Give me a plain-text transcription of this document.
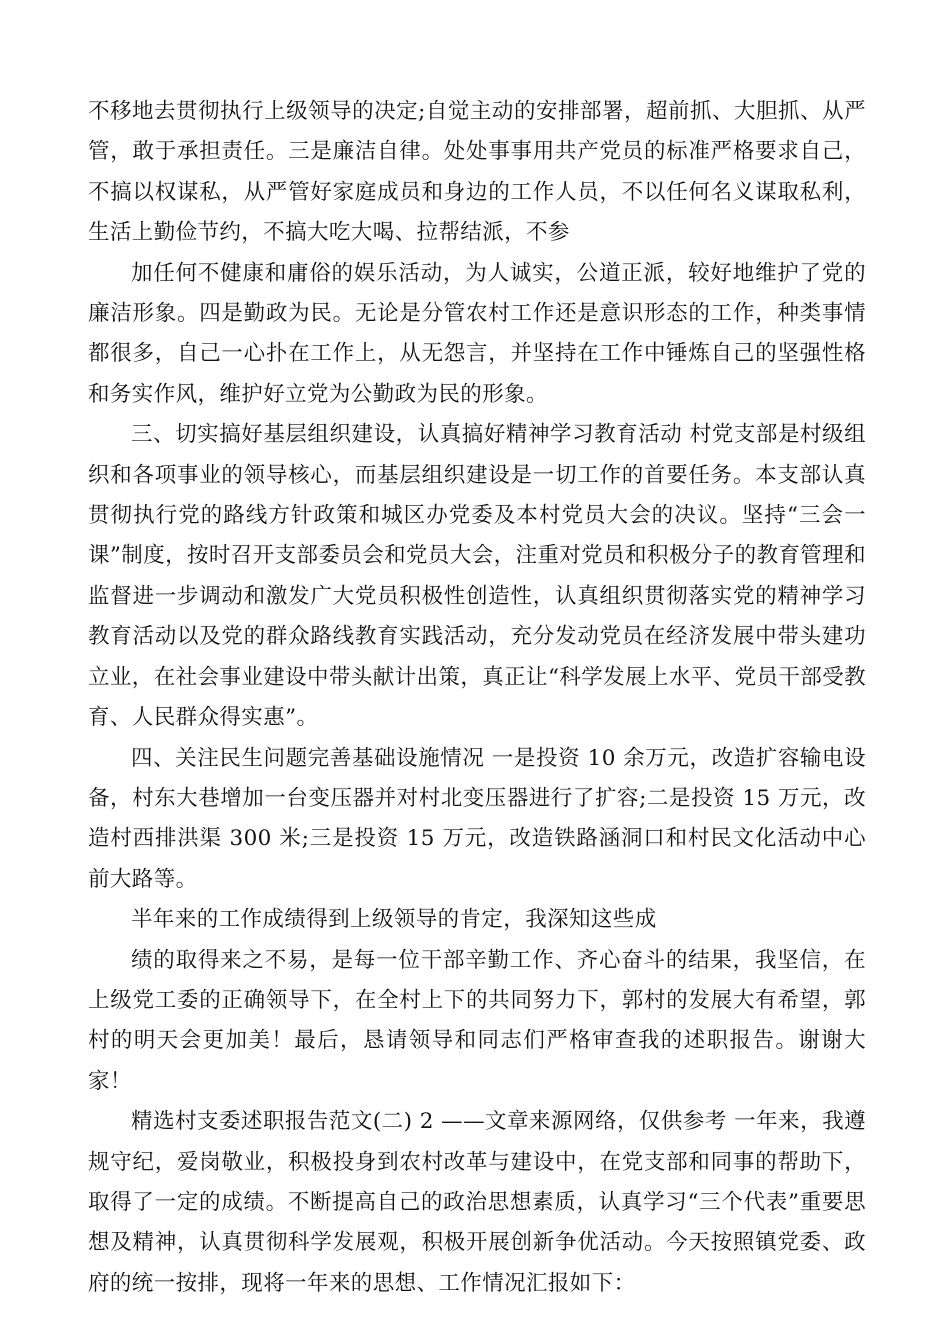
不移地去贯彻执行上级领导的决定;自觉主动的安排部署，超前抓、大胆抓、从严管，敢于承担责任。三是廉洁自律。处处事事用共产党员的标准严格要求自己，不搞以权谋私，从严管好家庭成员和身边的工作人员，不以任何名义谋取私利，生活上勤俭节约，不搞大吃大喝、拉帮结派，不参

加任何不健康和庸俗的娱乐活动，为人诚实，公道正派，较好地维护了党的廉洁形象。四是勤政为民。无论是分管农村工作还是意识形态的工作，种类事情都很多，自己一心扑在工作上，从无怨言，并坚持在工作中锤炼自己的坚强性格和务实作风，维护好立党为公勤政为民的形象。

三、切实搞好基层组织建设，认真搞好精神学习教育活动 村党支部是村级组织和各项事业的领导核心，而基层组织建设是一切工作的首要任务。本支部认真贯彻执行党的路线方针政策和城区办党委及本村党员大会的决议。坚持“三会一课”制度，按时召开支部委员会和党员大会，注重对党员和积极分子的教育管理和监督进一步调动和激发广大党员积极性创造性，认真组织贯彻落实党的精神学习教育活动以及党的群众路线教育实践活动，充分发动党员在经济发展中带头建功立业，在社会事业建设中带头献计出策，真正让“科学发展上水平、党员干部受教育、人民群众得实惠”。

四、关注民生问题完善基础设施情况 一是投资 10 余万元，改造扩容输电设备，村东大巷增加一台变压器并对村北变压器进行了扩容;二是投资 15 万元，改造村西排洪渠 300 米;三是投资 15 万元，改造铁路涵洞口和村民文化活动中心前大路等。

半年来的工作成绩得到上级领导的肯定，我深知这些成

绩的取得来之不易，是每一位干部辛勤工作、齐心奋斗的结果，我坚信，在上级党工委的正确领导下，在全村上下的共同努力下，郭村的发展大有希望，郭村的明天会更加美！最后，恳请领导和同志们严格审查我的述职报告。谢谢大家！

精选村支委述职报告范文(二) 2 ——文章来源网络，仅供参考 一年来，我遵规守纪，爱岗敬业，积极投身到农村改革与建设中，在党支部和同事的帮助下，取得了一定的成绩。不断提高自己的政治思想素质，认真学习“三个代表”重要思想及精神，认真贯彻科学发展观，积极开展创新争优活动。今天按照镇党委、政府的统一按排，现将一年来的思想、工作情况汇报如下：
